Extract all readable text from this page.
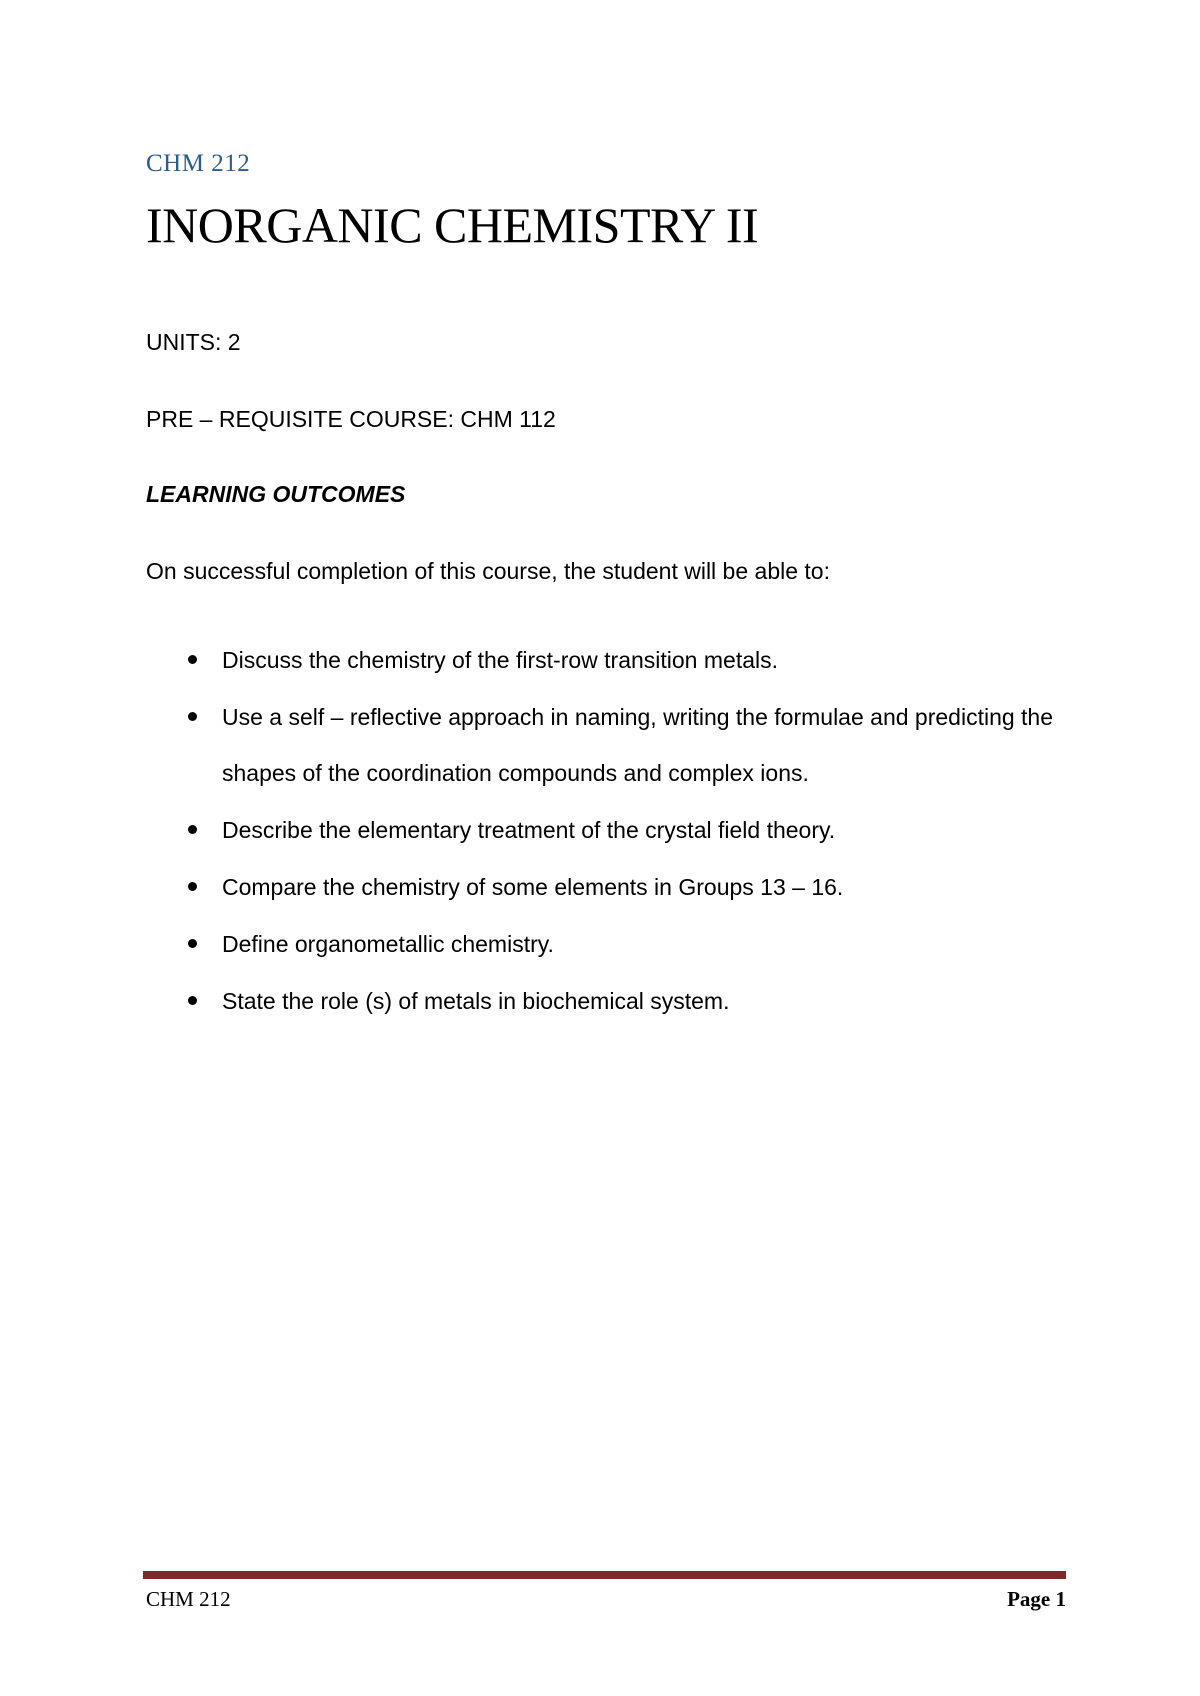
CHM 212
INORGANIC CHEMISTRY II
UNITS: 2
PRE – REQUISITE COURSE: CHM 112
LEARNING OUTCOMES
On successful completion of this course, the student will be able to:
Discuss the chemistry of the first-row transition metals.
Use a self – reflective approach in naming, writing the formulae and predicting the shapes of the coordination compounds and complex ions.
Describe the elementary treatment of the crystal field theory.
Compare the chemistry of some elements in Groups 13 – 16.
Define organometallic chemistry.
State the role (s) of metals in biochemical system.
CHM 212	Page 1
